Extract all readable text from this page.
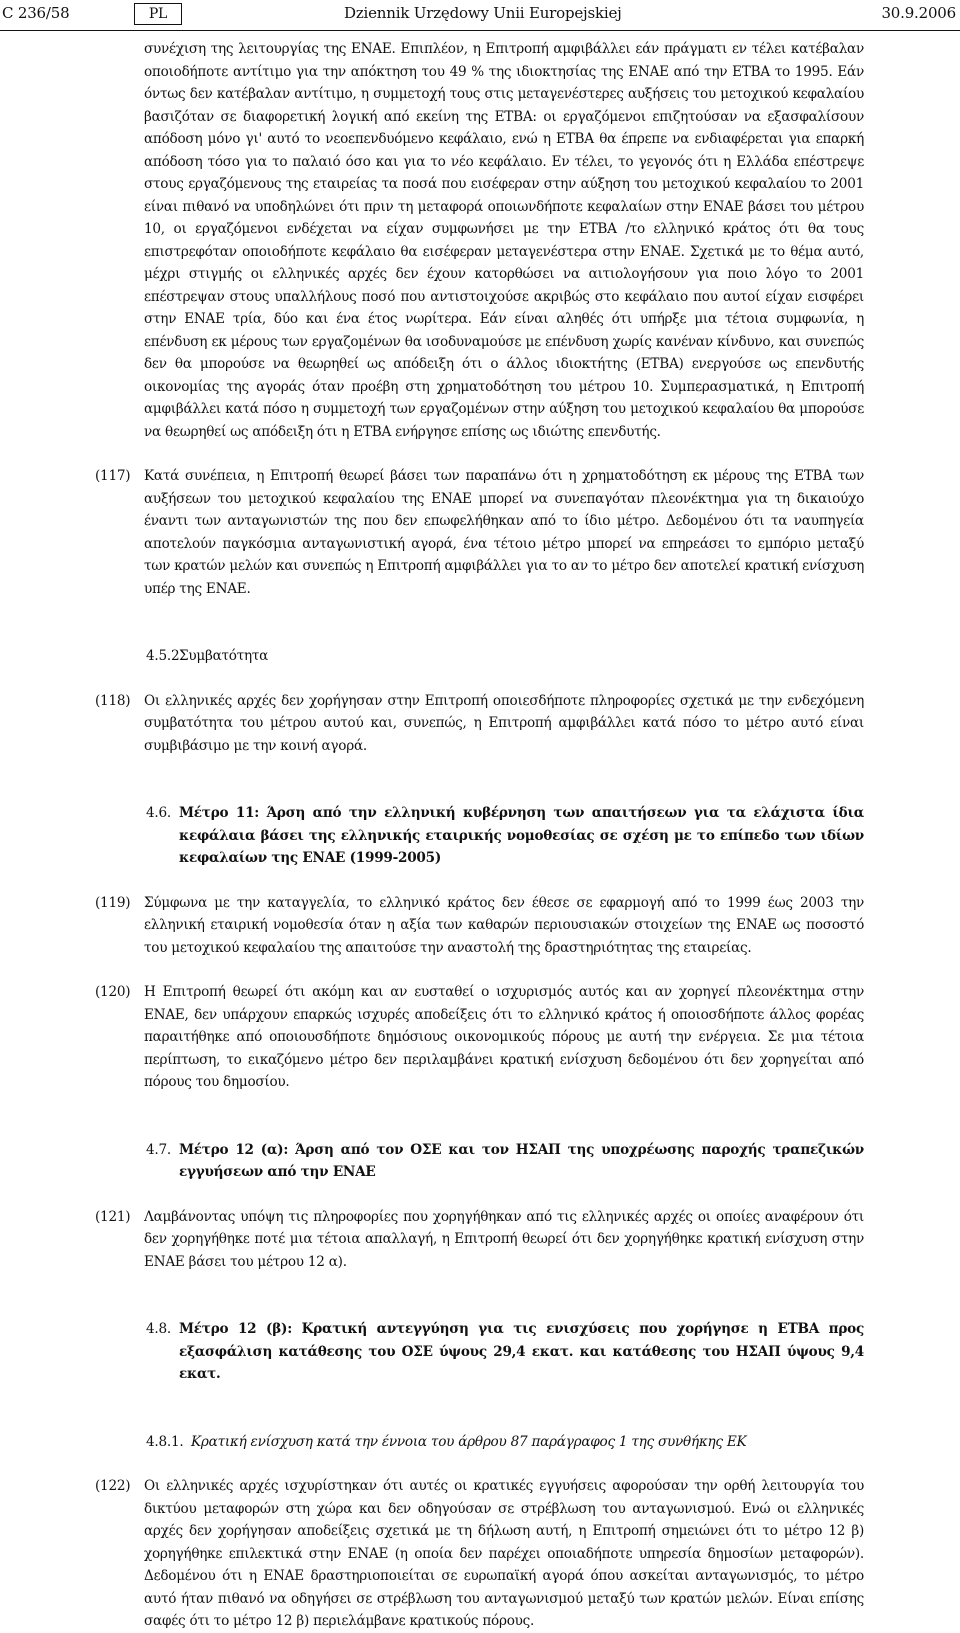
C 236/58	PL	Dziennik Urzędowy Unii Europejskiej	30.9.2006
συνέχιση της λειτουργίας της ΕΝΑΕ. Επιπλέον, η Επιτροπή αμφιβάλλει εάν πράγματι εν τέλει κατέβαλαν οποιοδήποτε αντίτιμο για την απόκτηση του 49 % της ιδιοκτησίας της ΕΝΑΕ από την ΕΤΒΑ το 1995. Εάν όντως δεν κατέβαλαν αντίτιμο, η συμμετοχή τους στις μεταγενέστερες αυξήσεις του μετοχικού κεφαλαίου βασιζόταν σε διαφορετική λογική από εκείνη της ΕΤΒΑ: οι εργαζόμενοι επιζητούσαν να εξασφαλίσουν απόδοση μόνο γι' αυτό το νεοεπενδυόμενο κεφάλαιο, ενώ η ΕΤΒΑ θα έπρεπε να ενδιαφέρεται για επαρκή απόδοση τόσο για το παλαιό όσο και για το νέο κεφάλαιο. Εν τέλει, το γεγονός ότι η Ελλάδα επέστρεψε στους εργαζόμενους της εταιρείας τα ποσά που εισέφεραν στην αύξηση του μετοχικού κεφαλαίου το 2001 είναι πιθανό να υποδηλώνει ότι πριν τη μεταφορά οποιωνδήποτε κεφαλαίων στην ΕΝΑΕ βάσει του μέτρου 10, οι εργαζόμενοι ενδέχεται να είχαν συμφωνήσει με την ΕΤΒΑ /το ελληνικό κράτος ότι θα τους επιστρεφόταν οποιοδήποτε κεφάλαιο θα εισέφεραν μεταγενέστερα στην ΕΝΑΕ. Σχετικά με το θέμα αυτό, μέχρι στιγμής οι ελληνικές αρχές δεν έχουν κατορθώσει να αιτιολογήσουν για ποιο λόγο το 2001 επέστρεψαν στους υπαλλήλους ποσό που αντιστοιχούσε ακριβώς στο κεφάλαιο που αυτοί είχαν εισφέρει στην ΕΝΑΕ τρία, δύο και ένα έτος νωρίτερα. Εάν είναι αληθές ότι υπήρξε μια τέτοια συμφωνία, η επένδυση εκ μέρους των εργαζομένων θα ισοδυναμούσε με επένδυση χωρίς κανέναν κίνδυνο, και συνεπώς δεν θα μπορούσε να θεωρηθεί ως απόδειξη ότι ο άλλος ιδιοκτήτης (ΕΤΒΑ) ενεργούσε ως επενδυτής οικονομίας της αγοράς όταν προέβη στη χρηματοδότηση του μέτρου 10. Συμπερασματικά, η Επιτροπή αμφιβάλλει κατά πόσο η συμμετοχή των εργαζομένων στην αύξηση του μετοχικού κεφαλαίου θα μπορούσε να θεωρηθεί ως απόδειξη ότι η ΕΤΒΑ ενήργησε επίσης ως ιδιώτης επενδυτής.
(117) Κατά συνέπεια, η Επιτροπή θεωρεί βάσει των παραπάνω ότι η χρηματοδότηση εκ μέρους της ΕΤΒΑ των αυξήσεων του μετοχικού κεφαλαίου της ΕΝΑΕ μπορεί να συνεπαγόταν πλεονέκτημα για τη δικαιούχο έναντι των ανταγωνιστών της που δεν επωφελήθηκαν από το ίδιο μέτρο. Δεδομένου ότι τα ναυπηγεία αποτελούν παγκόσμια ανταγωνιστική αγορά, ένα τέτοιο μέτρο μπορεί να επηρεάσει το εμπόριο μεταξύ των κρατών μελών και συνεπώς η Επιτροπή αμφιβάλλει για το αν το μέτρο δεν αποτελεί κρατική ενίσχυση υπέρ της ΕΝΑΕ.
4.5.2.
Συμβατότητα
(118) Οι ελληνικές αρχές δεν χορήγησαν στην Επιτροπή οποιεσδήποτε πληροφορίες σχετικά με την ενδεχόμενη συμβατότητα του μέτρου αυτού και, συνεπώς, η Επιτροπή αμφιβάλλει κατά πόσο το μέτρο αυτό είναι συμβιβάσιμο με την κοινή αγορά.
4.6. Μέτρο 11: Άρση από την ελληνική κυβέρνηση των απαιτήσεων για τα ελάχιστα ίδια κεφάλαια βάσει της ελληνικής εταιρικής νομοθεσίας σε σχέση με το επίπεδο των ιδίων κεφαλαίων της ΕΝΑΕ (1999-2005)
(119) Σύμφωνα με την καταγγελία, το ελληνικό κράτος δεν έθεσε σε εφαρμογή από το 1999 έως 2003 την ελληνική εταιρική νομοθεσία όταν η αξία των καθαρών περιουσιακών στοιχείων της ΕΝΑΕ ως ποσοστό του μετοχικού κεφαλαίου της απαιτούσε την αναστολή της δραστηριότητας της εταιρείας.
(120) Η Επιτροπή θεωρεί ότι ακόμη και αν ευσταθεί ο ισχυρισμός αυτός και αν χορηγεί πλεονέκτημα στην ΕΝΑΕ, δεν υπάρχουν επαρκώς ισχυρές αποδείξεις ότι το ελληνικό κράτος ή οποιοσδήποτε άλλος φορέας παραιτήθηκε από οποιουσδήποτε δημόσιους οικονομικούς πόρους με αυτή την ενέργεια. Σε μια τέτοια περίπτωση, το εικαζόμενο μέτρο δεν περιλαμβάνει κρατική ενίσχυση δεδομένου ότι δεν χορηγείται από πόρους του δημοσίου.
4.7. Μέτρο 12 (α): Άρση από τον ΟΣΕ και τον ΗΣΑΠ της υποχρέωσης παροχής τραπεζικών εγγυήσεων από την ΕΝΑΕ
(121) Λαμβάνοντας υπόψη τις πληροφορίες που χορηγήθηκαν από τις ελληνικές αρχές οι οποίες αναφέρουν ότι δεν χορηγήθηκε ποτέ μια τέτοια απαλλαγή, η Επιτροπή θεωρεί ότι δεν χορηγήθηκε κρατική ενίσχυση στην ΕΝΑΕ βάσει του μέτρου 12 α).
4.8. Μέτρο 12 (β): Κρατική αντεγγύηση για τις ενισχύσεις που χορήγησε η ΕΤΒΑ προς εξασφάλιση κατάθεσης του ΟΣΕ ύψους 29,4 εκατ. και κατάθεσης του ΗΣΑΠ ύψους 9,4 εκατ.
4.8.1. Κρατική ενίσχυση κατά την έννοια του άρθρου 87 παράγραφος 1 της συνθήκης ΕΚ
(122) Οι ελληνικές αρχές ισχυρίστηκαν ότι αυτές οι κρατικές εγγυήσεις αφορούσαν την ορθή λειτουργία του δικτύου μεταφορών στη χώρα και δεν οδηγούσαν σε στρέβλωση του ανταγωνισμού. Ενώ οι ελληνικές αρχές δεν χορήγησαν αποδείξεις σχετικά με τη δήλωση αυτή, η Επιτροπή σημειώνει ότι το μέτρο 12 β) χορηγήθηκε επιλεκτικά στην ΕΝΑΕ (η οποία δεν παρέχει οποιαδήποτε υπηρεσία δημοσίων μεταφορών). Δεδομένου ότι η ΕΝΑΕ δραστηριοποιείται σε ευρωπαϊκή αγορά όπου ασκείται ανταγωνισμός, το μέτρο αυτό ήταν πιθανό να οδηγήσει σε στρέβλωση του ανταγωνισμού μεταξύ των κρατών μελών. Είναι επίσης σαφές ότι το μέτρο 12 β) περιελάμβανε κρατικούς πόρους.
